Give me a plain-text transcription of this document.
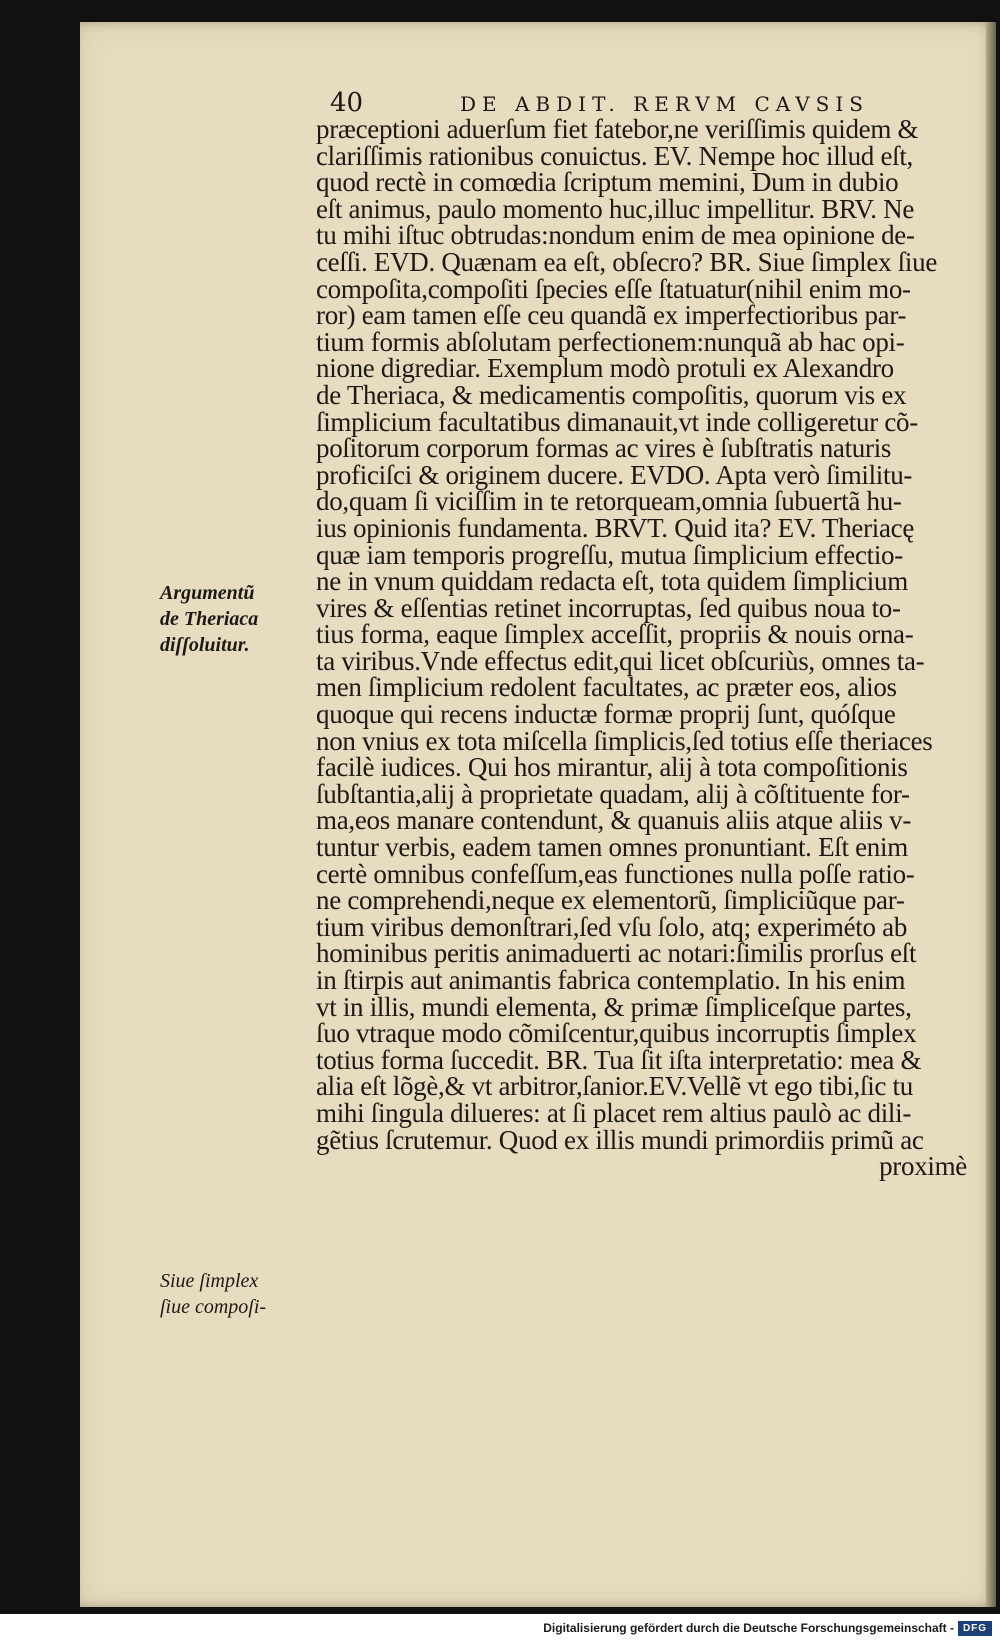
40	DE ABDIT. RERVM CAVSIS
Argumentũ
de Theriaca
diſſoluitur.
Siue ſimplex
ſiue compoſi-
præceptioni aduerſum fiet fatebor,ne veriſſimis quidem &
clariſſimis rationibus conuictus. EV. Nempe hoc illud eſt,
quod rectè in comœdia ſcriptum memini, Dum in dubio
eſt animus, paulo momento huc,illuc impellitur. BRV. Ne
tu mihi iſtuc obtrudas:nondum enim de mea opinione de-
ceſſi. EVD. Quænam ea eſt, obſecro? BR. Siue ſimplex ſiue
compoſita,compoſiti ſpecies eſſe ſtatuatur(nihil enim mo-
ror) eam tamen eſſe ceu quandã ex imperfectioribus par-
tium formis abſolutam perfectionem:nunquã ab hac opi-
nione digrediar. Exemplum modò protuli ex Alexandro
de Theriaca, & medicamentis compoſitis, quorum vis ex
ſimplicium facultatibus dimanauit,vt inde colligeretur cõ-
poſitorum corporum formas ac vires è ſubſtratis naturis
proficiſci & originem ducere. EVDO. Apta verò ſimilitu-
do,quam ſi viciſſim in te retorqueam,omnia ſubuertã hu-
ius opinionis fundamenta. BRVT. Quid ita? EV. Theriacę
quæ iam temporis progreſſu, mutua ſimplicium effectio-
ne in vnum quiddam redacta eſt, tota quidem ſimplicium
vires & eſſentias retinet incorruptas, ſed quibus noua to-
tius forma, eaque ſimplex acceſſit, propriis & nouis orna-
ta viribus.Vnde effectus edit,qui licet obſcuriùs, omnes ta-
men ſimplicium redolent facultates, ac præter eos, alios
quoque qui recens inductæ formæ proprij ſunt, quóſque
non vnius ex tota miſcella ſimplicis,ſed totius eſſe theriaces
facilè iudices. Qui hos mirantur, alij à tota compoſitionis
ſubſtantia,alij à proprietate quadam, alij à cõſtituente for-
ma,eos manare contendunt, & quanuis aliis atque aliis v-
tuntur verbis, eadem tamen omnes pronuntiant. Eſt enim
certè omnibus confeſſum,eas functiones nulla poſſe ratio-
ne comprehendi,neque ex elementorũ, ſimpliciũque par-
tium viribus demonſtrari,ſed vſu ſolo, atq; experiméto ab
hominibus peritis animaduerti ac notari:ſimilis prorſus eſt
in ſtirpis aut animantis fabrica contemplatio. In his enim
vt in illis, mundi elementa, & primæ ſimpliceſque partes,
ſuo vtraque modo cõmiſcentur,quibus incorruptis ſimplex
totius forma ſuccedit. BR. Tua ſit iſta interpretatio: mea &
alia eſt lõgè,& vt arbitror,ſanior.EV.Vellẽ vt ego tibi,ſic tu
mihi ſingula dilueres: at ſi placet rem altius paulò ac dili-
gẽtius ſcrutemur. Quod ex illis mundi primordiis primũ ac
proximè
Digitalisierung gefördert durch die Deutsche Forschungsgemeinschaft - DFG
